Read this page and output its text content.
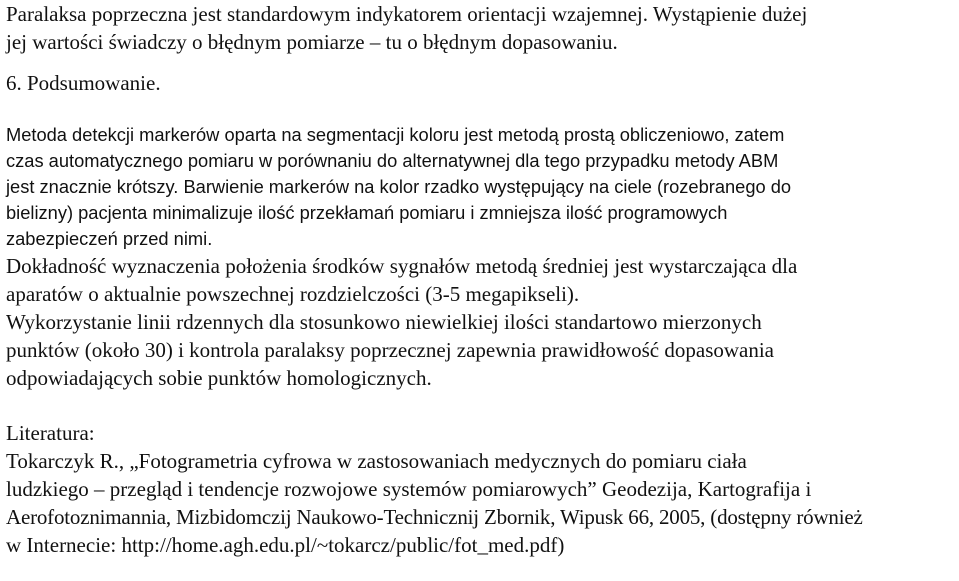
Paralaksa poprzeczna jest standardowym indykatorem orientacji wzajemnej. Wystąpienie dużej
jej wartości świadczy o błędnym pomiarze – tu o błędnym dopasowaniu.

6. Podsumowanie.

Metoda detekcji markerów oparta na segmentacji koloru jest metodą prostą obliczeniowo, zatem
czas automatycznego pomiaru w porównaniu do alternatywnej dla tego przypadku metody ABM
jest znacznie krótszy. Barwienie markerów na kolor rzadko występujący na ciele (rozebranego do
bielizny) pacjenta minimalizuje ilość przekłamań pomiaru i zmniejsza ilość programowych
zabezpieczeń przed nimi.

Dokładność wyznaczenia położenia środków sygnałów metodą średniej jest wystarczająca dla
aparatów o aktualnie powszechnej rozdzielczości (3-5 megapikseli).
Wykorzystanie linii rdzennych dla stosunkowo niewielkiej ilości standartowo mierzonych
punktów (około 30) i kontrola paralaksy poprzecznej zapewnia prawidłowość dopasowania
odpowiadających sobie punktów homologicznych.

Literatura:

Tokarczyk R., „Fotogrametria cyfrowa w zastosowaniach medycznych do pomiaru ciała
ludzkiego – przegląd i tendencje rozwojowe systemów pomiarowych” Geodezija, Kartografija i
Aerofotoznimannia, Mizbidomczij Naukowo-Technicznij Zbornik, Wipusk 66, 2005, (dostępny również
w Internecie: http://home.agh.edu.pl/~tokarcz/public/fot_med.pdf)
